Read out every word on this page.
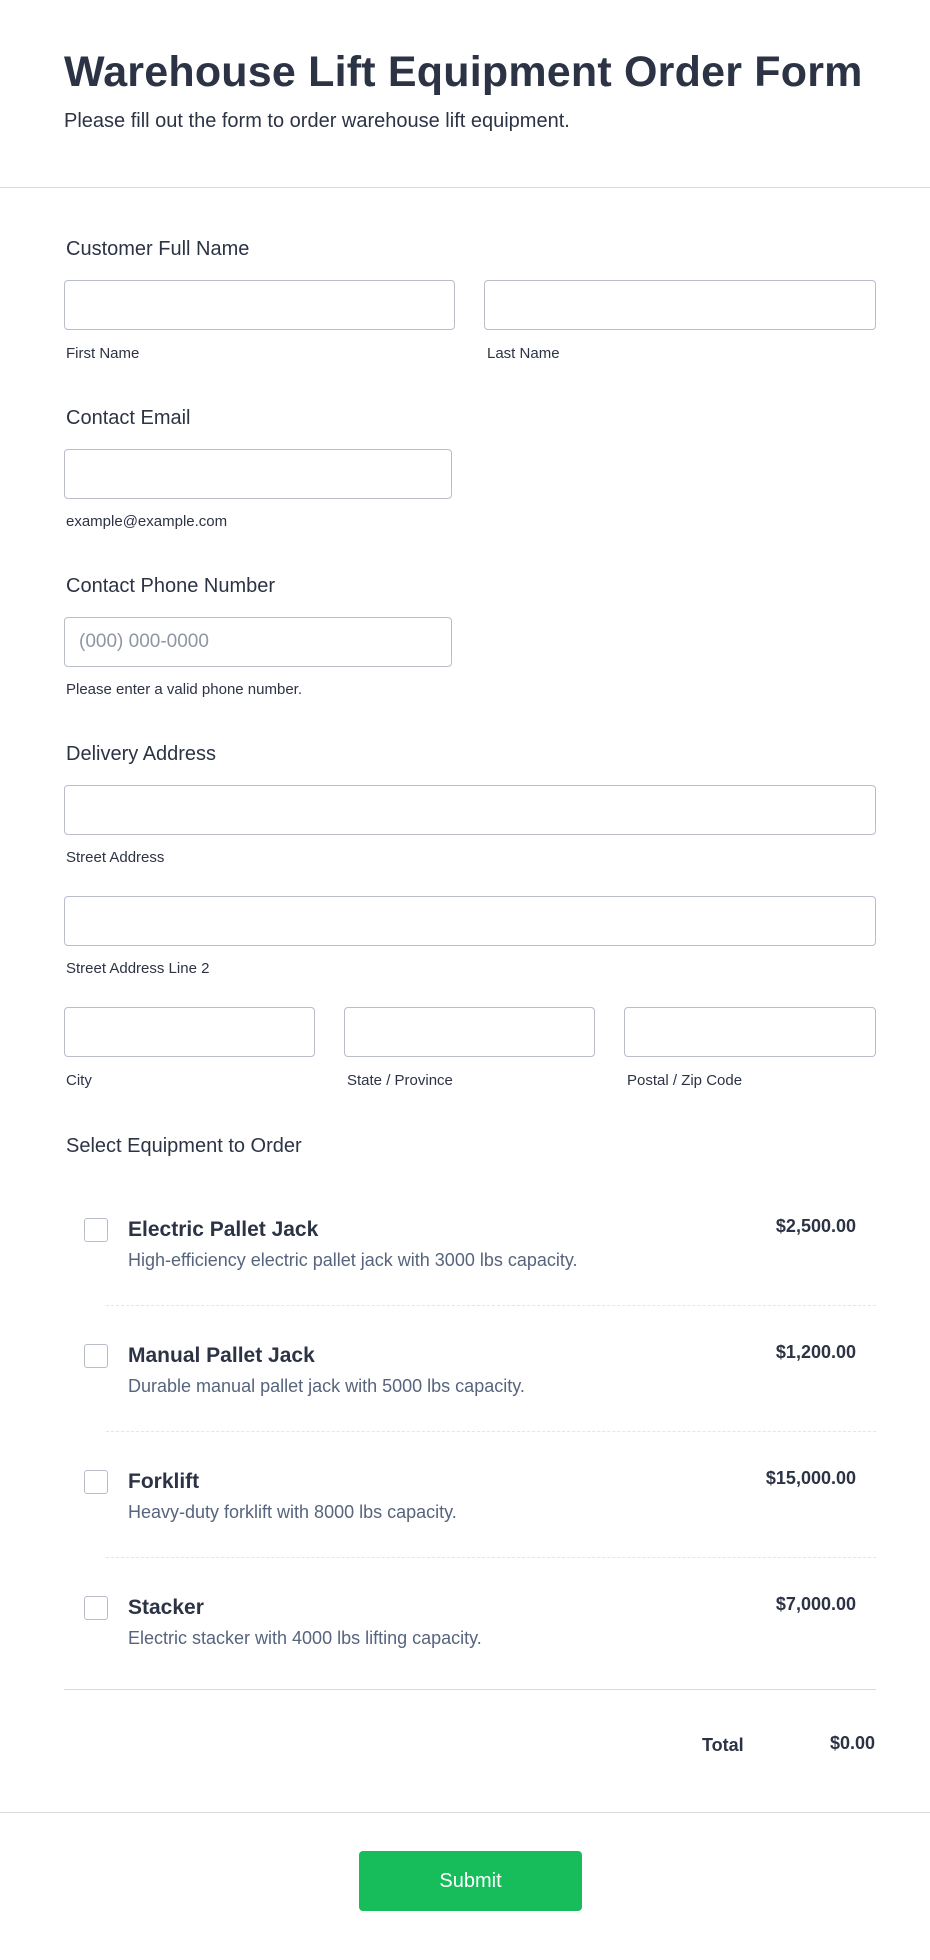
Warehouse Lift Equipment Order Form

Please fill out the form to order warehouse lift equipment.

Customer Full Name
First Name	Last Name
Contact Email
example@example.com
Contact Phone Number
(000) 000-0000
Please enter a valid phone number.
Delivery Address
Street Address
Street Address Line 2
City	State / Province	Postal / Zip Code
Select Equipment to Order
Electric Pallet Jack
High-efficiency electric pallet jack with 3000 lbs capacity.
$2,500.00
Manual Pallet Jack
Durable manual pallet jack with 5000 lbs capacity.
$1,200.00
Forklift
Heavy-duty forklift with 8000 lbs capacity.
$15,000.00
Stacker
Electric stacker with 4000 lbs lifting capacity.
$7,000.00
Total	$0.00
Submit
